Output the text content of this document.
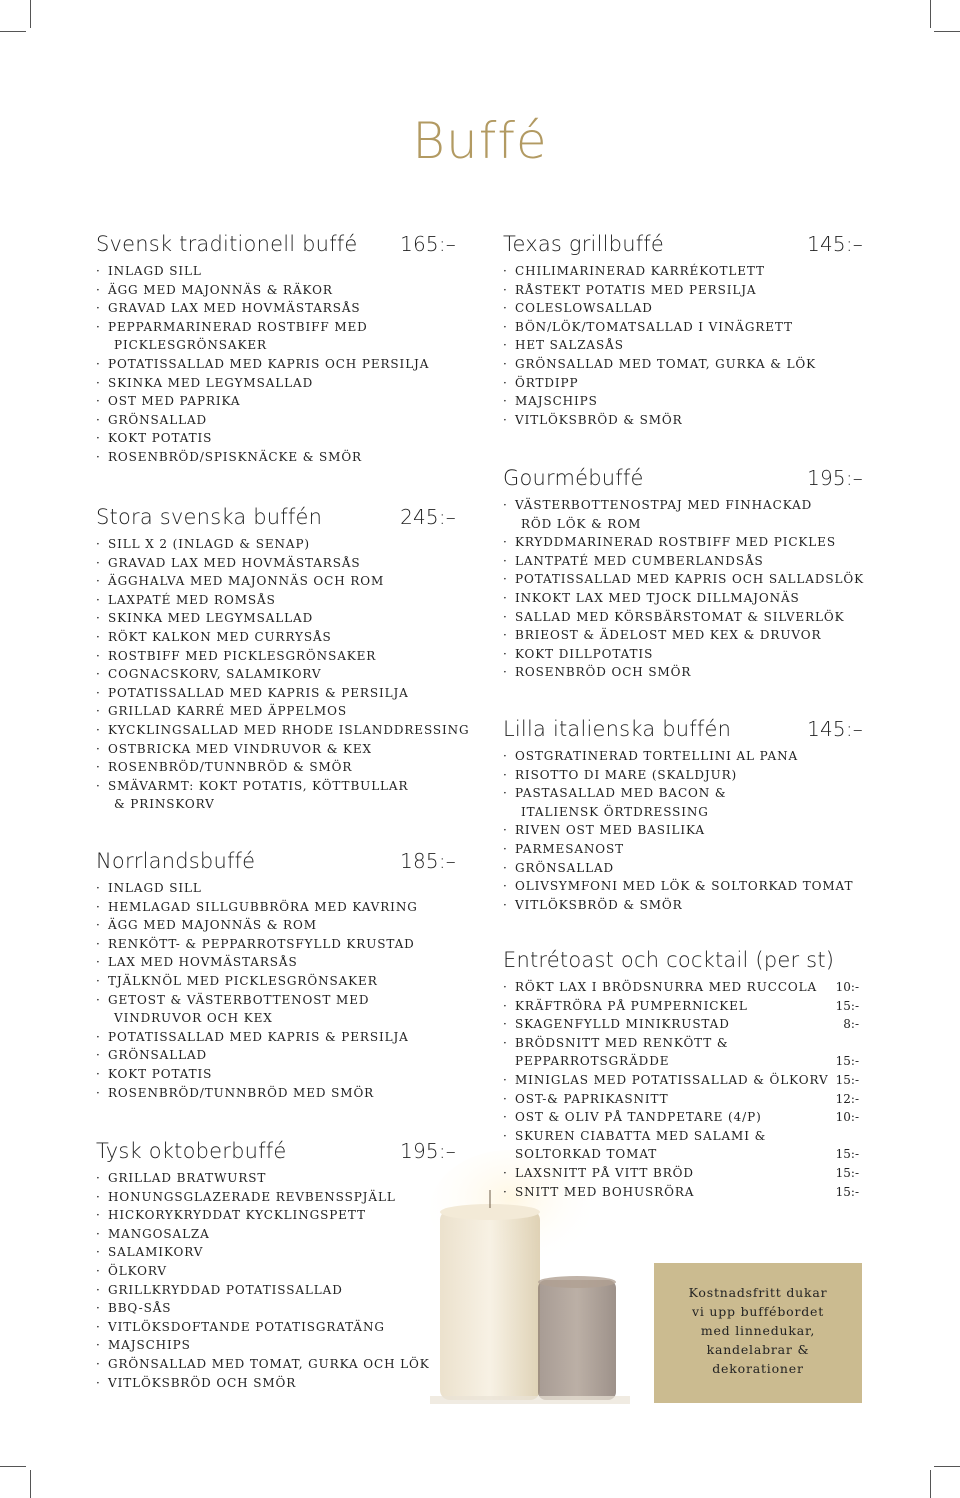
Buffé
Kostnadsfritt dukar
vi upp buffébordet
med linnedukar,
kandelabrar &
dekorationer
Svensk traditionell buffé 165:–
· INLAGD SILL
· ÄGG MED MAJONNÄS & RÄKOR
· GRAVAD LAX MED HOVMÄSTARSÅS
· PEPPARMARINERAD ROSTBIFF MED
PICKLESGRÖNSAKER
· POTATISSALLAD MED KAPRIS OCH PERSILJA
· SKINKA MED LEGYMSALLAD
· OST MED PAPRIKA
· GRÖNSALLAD
· KOKT POTATIS
· ROSENBRÖD/SPISKNÄCKE & SMÖR
Stora svenska buffén	245:–
· SILL X 2 (INLAGD & SENAP)
· GRAVAD LAX MED HOVMÄSTARSÅS
· ÄGGHALVA MED MAJONNÄS OCH ROM
· LAXPATÉ MED ROMSÅS
· SKINKA MED LEGYMSALLAD
· RÖKT KALKON MED CURRYSÅS
· ROSTBIFF MED PICKLESGRÖNSAKER
· COGNACSKORV, SALAMIKORV
· POTATISSALLAD MED KAPRIS & PERSILJA
· GRILLAD KARRÉ MED ÄPPELMOS
· KYCKLINGSALLAD MED RHODE ISLANDDRESSING
· OSTBRICKA MED VINDRUVOR & KEX
· ROSENBRÖD/TUNNBRÖD & SMÖR
· SMÄVARMT: KOKT POTATIS, KÖTTBULLAR
& PRINSKORV
Norrlandsbuffé	185:–
· INLAGD SILL
· HEMLAGAD SILLGUBBRÖRA MED KAVRING
· ÄGG MED MAJONNÄS & ROM
· RENKÖTT- & PEPPARROTSFYLLD KRUSTAD
· LAX MED HOVMÄSTARSÅS
· TJÄLKNÖL MED PICKLESGRÖNSAKER
· GETOST & VÄSTERBOTTENOST MED
VINDRUVOR OCH KEX
· POTATISSALLAD MED KAPRIS & PERSILJA
· GRÖNSALLAD
· KOKT POTATIS
· ROSENBRÖD/TUNNBRÖD MED SMÖR
Tysk oktoberbuffé	195:–
· GRILLAD BRATWURST
· HONUNGSGLAZERADE REVBENSSPJÄLL
· HICKORYKRYDDAT KYCKLINGSPETT
· MANGOSALZA
· SALAMIKORV
· ÖLKORV
· GRILLKRYDDAD POTATISSALLAD
· BBQ-SÅS
· VITLÖKSDOFTANDE POTATISGRATÄNG
· MAJSCHIPS
· GRÖNSALLAD MED TOMAT, GURKA OCH LÖK
· VITLÖKSBRÖD OCH SMÖR
Texas grillbuffé	145:–
· CHILIMARINERAD KARRÉKOTLETT
· RÅSTEKT POTATIS MED PERSILJA
· COLESLOWSALLAD
· BÖN/LÖK/TOMATSALLAD I VINÄGRETT
· HET SALZASÅS
· GRÖNSALLAD MED TOMAT, GURKA & LÖK
· ÖRTDIPP
· MAJSCHIPS
· VITLÖKSBRÖD & SMÖR
Gourmébuffé	195:–
· VÄSTERBOTTENOSTPAJ MED FINHACKAD
RÖD LÖK & ROM
· KRYDDMARINERAD ROSTBIFF MED PICKLES
· LANTPATÉ MED CUMBERLANDSÅS
· POTATISSALLAD MED KAPRIS OCH SALLADSLÖK
· INKOKT LAX MED TJOCK DILLMAJONÄS
· SALLAD MED KÖRSBÄRSTOMAT & SILVERLÖK
· BRIEOST & ÄDELOST MED KEX & DRUVOR
· KOKT DILLPOTATIS
· ROSENBRÖD OCH SMÖR
Lilla italienska buffén	145:–
· OSTGRATINERAD TORTELLINI AL PANA
· RISOTTO DI MARE (SKALDJUR)
· PASTASALLAD MED BACON &
ITALIENSK ÖRTDRESSING
· RIVEN OST MED BASILIKA
· PARMESANOST
· GRÖNSALLAD
· OLIVSYMFONI MED LÖK & SOLTORKAD TOMAT
· VITLÖKSBRÖD & SMÖR
Entrétoast och cocktail (per st)
· RÖKT LAX I BRÖDSNURRA MED RUCCOLA 10:-
· KRÄFTRÖRA PÅ PUMPERNICKEL	15:-
· SKAGENFYLLD MINIKRUSTAD	8:-
· BRÖDSNITT MED RENKÖTT &
PEPPARROTSGRÄDDE	15:-
· MINIGLAS MED POTATISSALLAD & ÖLKORV 15:-
· OST-& PAPRIKASNITT	12:-
· OST & OLIV PÅ TANDPETARE (4/P)	10:-
· SKUREN CIABATTA MED SALAMI &
SOLTORKAD TOMAT	15:-
· LAXSNITT PÅ VITT BRÖD	15:-
· SNITT MED BOHUSRÖRA	15:-
